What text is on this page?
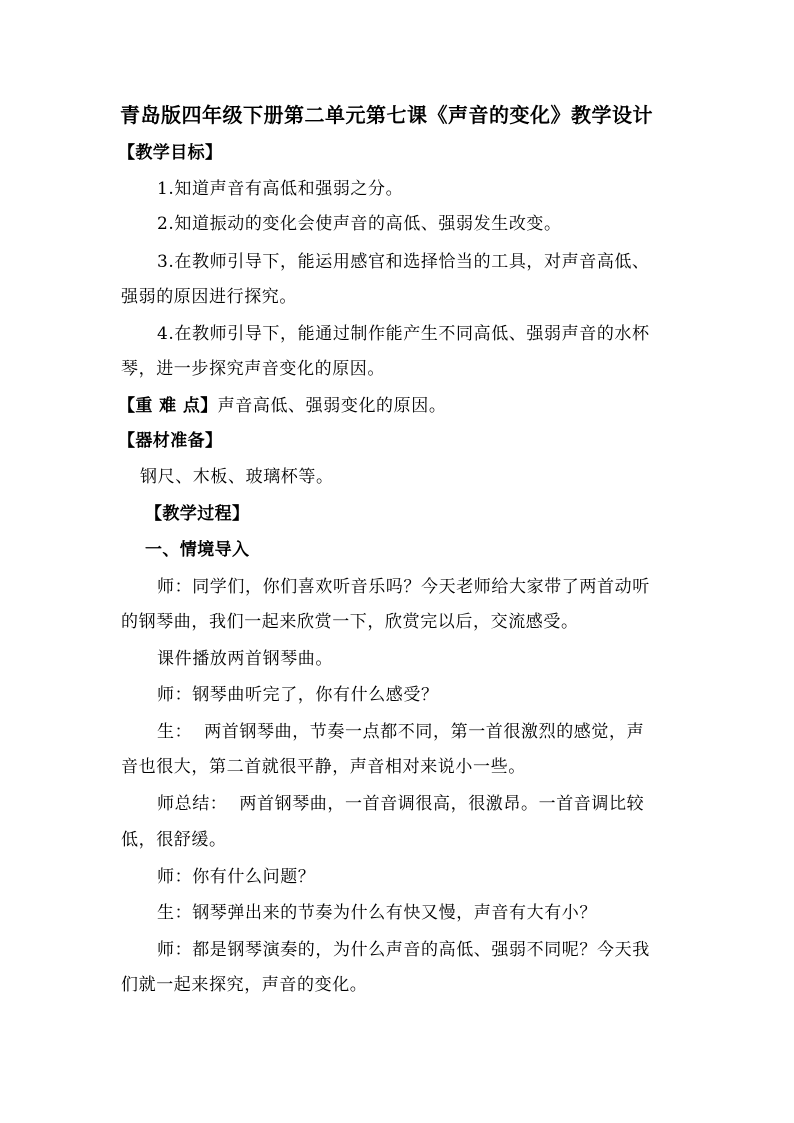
青岛版四年级下册第二单元第七课《声音的变化》教学设计
【教学目标】
1.知道声音有高低和强弱之分。
2.知道振动的变化会使声音的高低、强弱发生改变。
3.在教师引导下，能运用感官和选择恰当的工具，对声音高低、
强弱的原因进行探究。
4.在教师引导下，能通过制作能产生不同高低、强弱声音的水杯
琴，进一步探究声音变化的原因。
【重 难 点】声音高低、强弱变化的原因。
【器材准备】
钢尺、木板、玻璃杯等。
【教学过程】
一、情境导入
师：同学们，你们喜欢听音乐吗？今天老师给大家带了两首动听
的钢琴曲，我们一起来欣赏一下，欣赏完以后，交流感受。
课件播放两首钢琴曲。
师：钢琴曲听完了，你有什么感受？
生： 两首钢琴曲，节奏一点都不同，第一首很激烈的感觉，声
音也很大，第二首就很平静，声音相对来说小一些。
师总结： 两首钢琴曲，一首音调很高，很激昂。一首音调比较
低，很舒缓。
师：你有什么问题？
生：钢琴弹出来的节奏为什么有快又慢，声音有大有小？
师：都是钢琴演奏的，为什么声音的高低、强弱不同呢？今天我
们就一起来探究，声音的变化。
